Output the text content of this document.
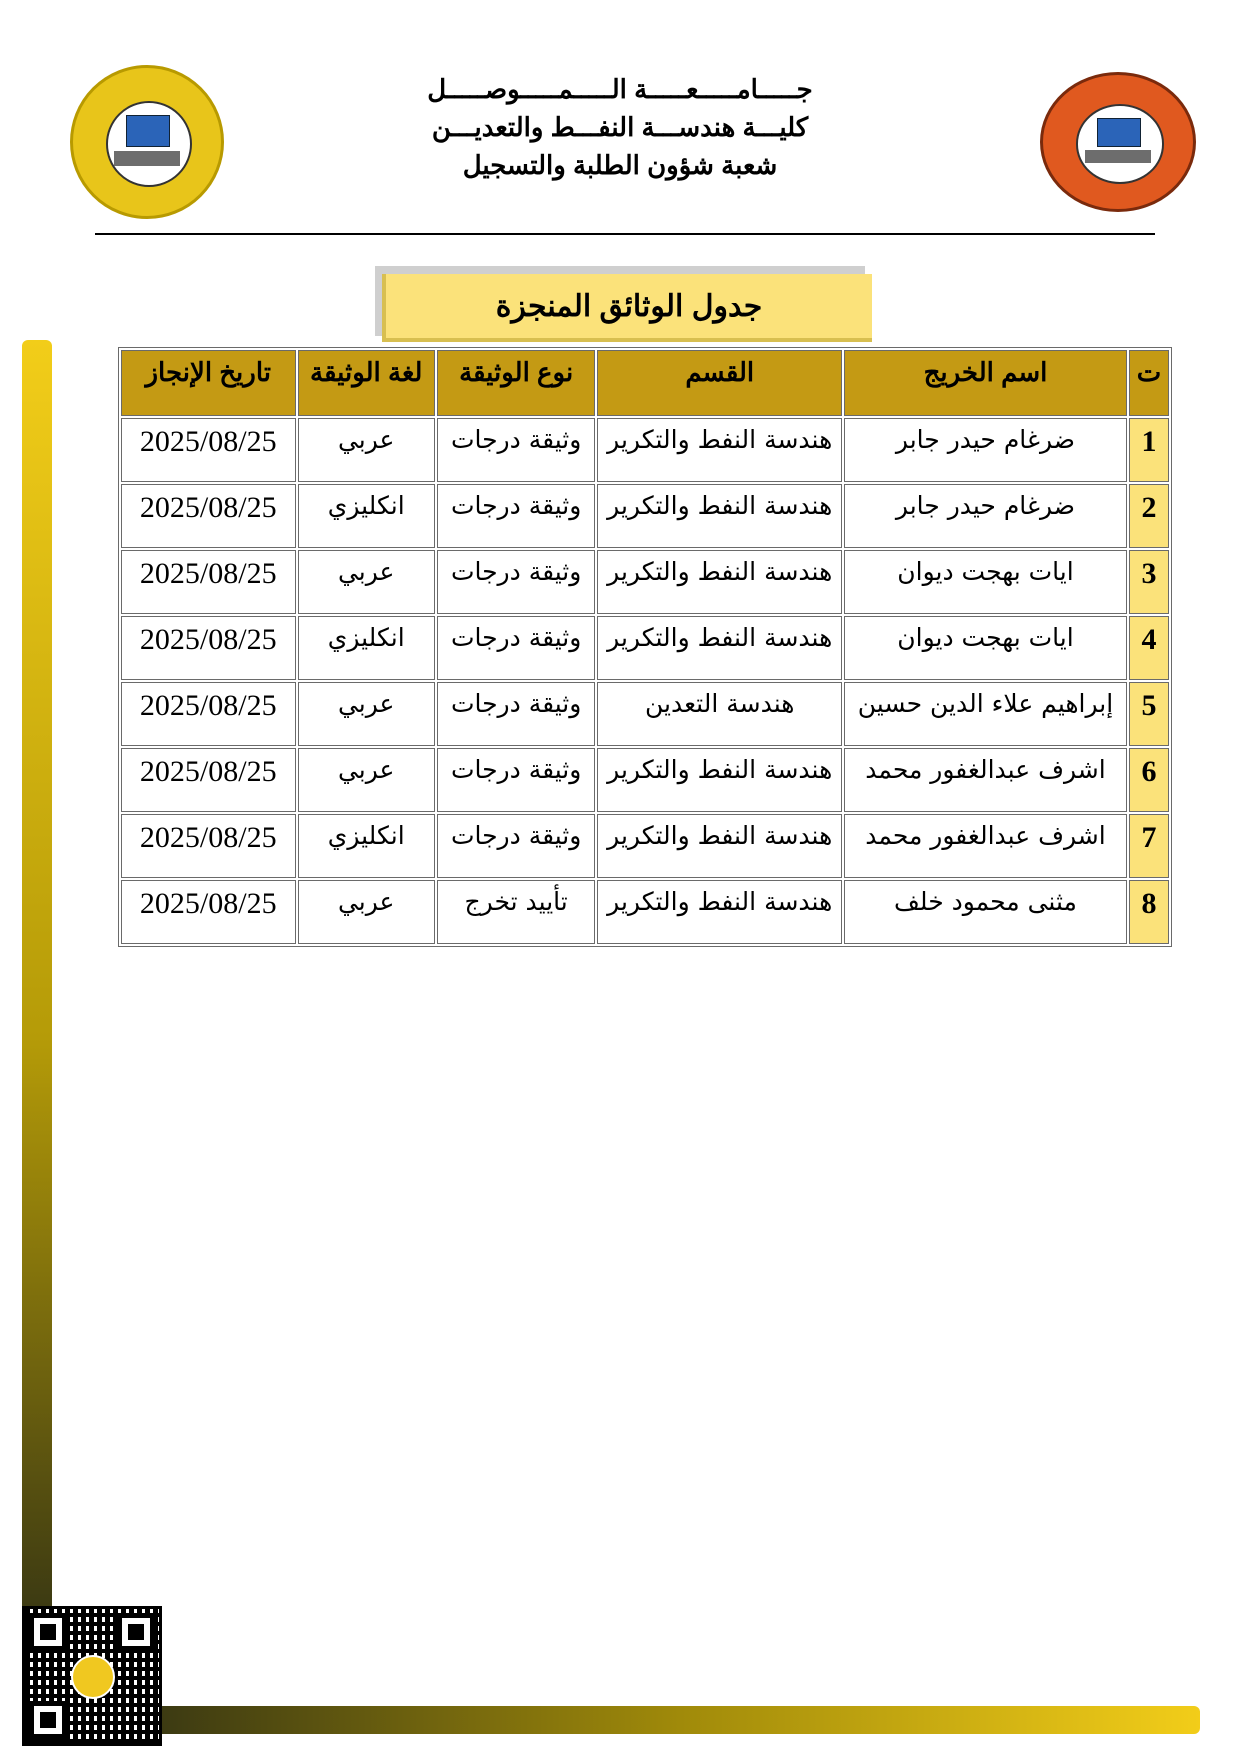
جـــــامـــــعـــــة الـــــمـــــوصـــــل
كليـــة هندســـة النفـــط والتعديـــن
شعبة شؤون الطلبة والتسجيل
جدول الوثائق المنجزة
ت	اسم الخريج	القسم	نوع الوثيقة	لغة الوثيقة	تاريخ الإنجاز
1	ضرغام حيدر جابر	هندسة النفط والتكرير	وثيقة درجات	عربي	2025/08/25
2	ضرغام حيدر جابر	هندسة النفط والتكرير	وثيقة درجات	انكليزي	2025/08/25
3	ايات بهجت ديوان	هندسة النفط والتكرير	وثيقة درجات	عربي	2025/08/25
4	ايات بهجت ديوان	هندسة النفط والتكرير	وثيقة درجات	انكليزي	2025/08/25
5	إبراهيم علاء الدين حسين	هندسة التعدين	وثيقة درجات	عربي	2025/08/25
6	اشرف عبدالغفور محمد	هندسة النفط والتكرير	وثيقة درجات	عربي	2025/08/25
7	اشرف عبدالغفور محمد	هندسة النفط والتكرير	وثيقة درجات	انكليزي	2025/08/25
8	مثنى محمود خلف	هندسة النفط والتكرير	تأييد تخرج	عربي	2025/08/25
